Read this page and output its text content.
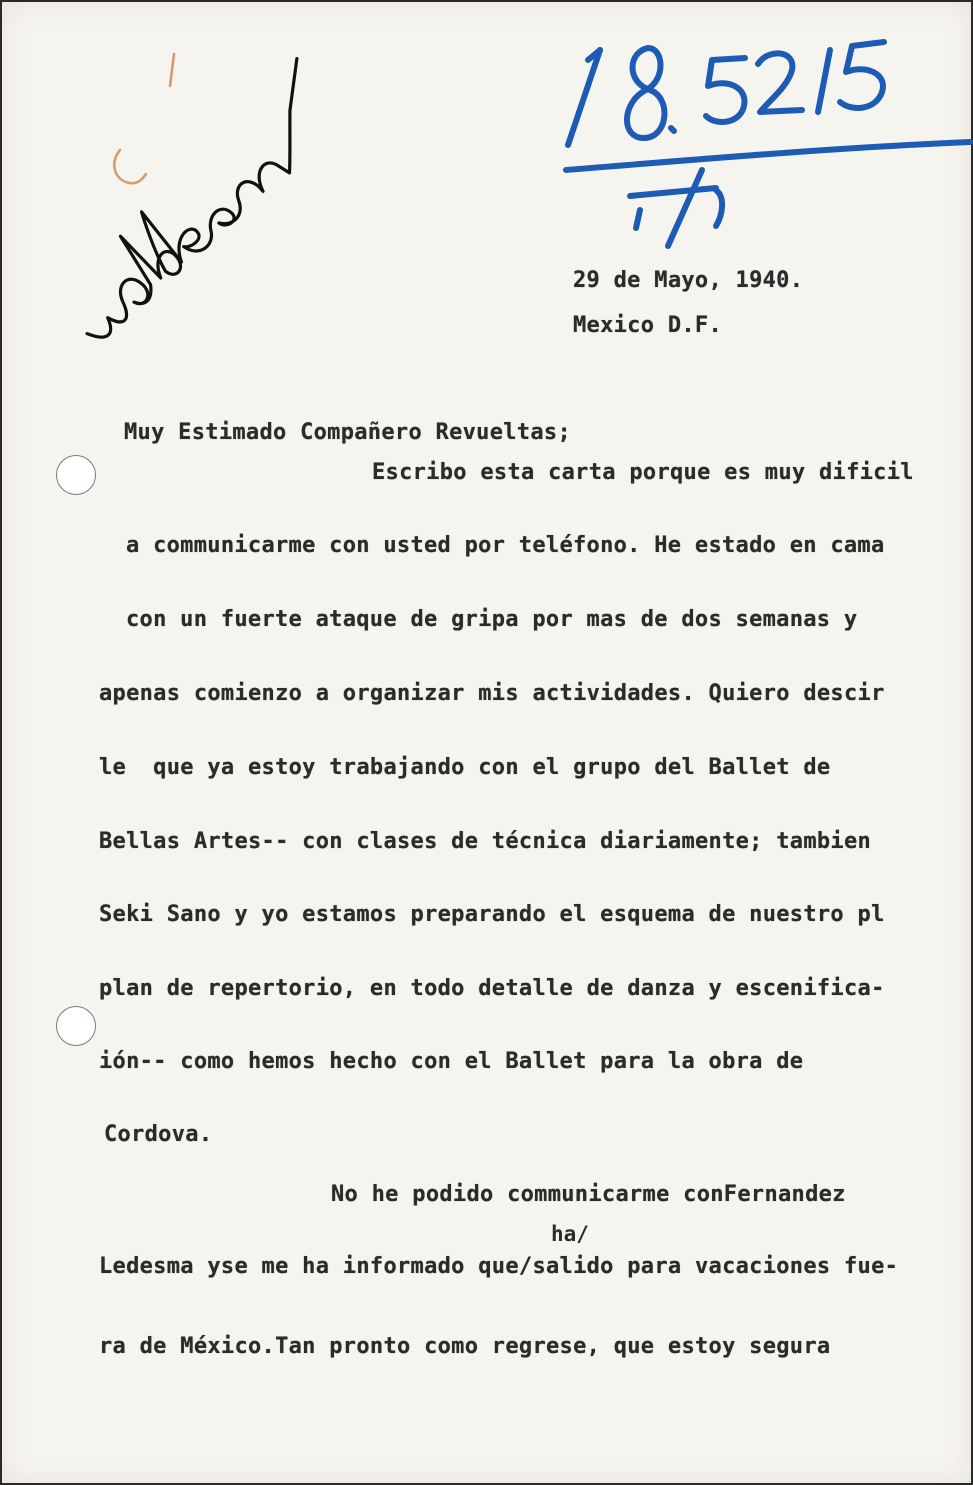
29 de Mayo, 1940.

Mexico D.F.

Muy Estimado Compañero Revueltas;

Escribo esta carta porque es muy dificil

a communicarme con usted por teléfono. He estado en cama

con un fuerte ataque de gripa por mas de dos semanas y

apenas comienzo a organizar mis actividades. Quiero descir

le  que ya estoy trabajando con el grupo del Ballet de

Bellas Artes-- con clases de técnica diariamente; tambien

Seki Sano y yo estamos preparando el esquema de nuestro pl

plan de repertorio, en todo detalle de danza y escenifica-

ión-- como hemos hecho con el Ballet para la obra de

Cordova.

No he podido communicarme conFernandez

ha/

Ledesma yse me ha informado que/salido para vacaciones fue-

ra de México.Tan pronto como regrese, que estoy segura
